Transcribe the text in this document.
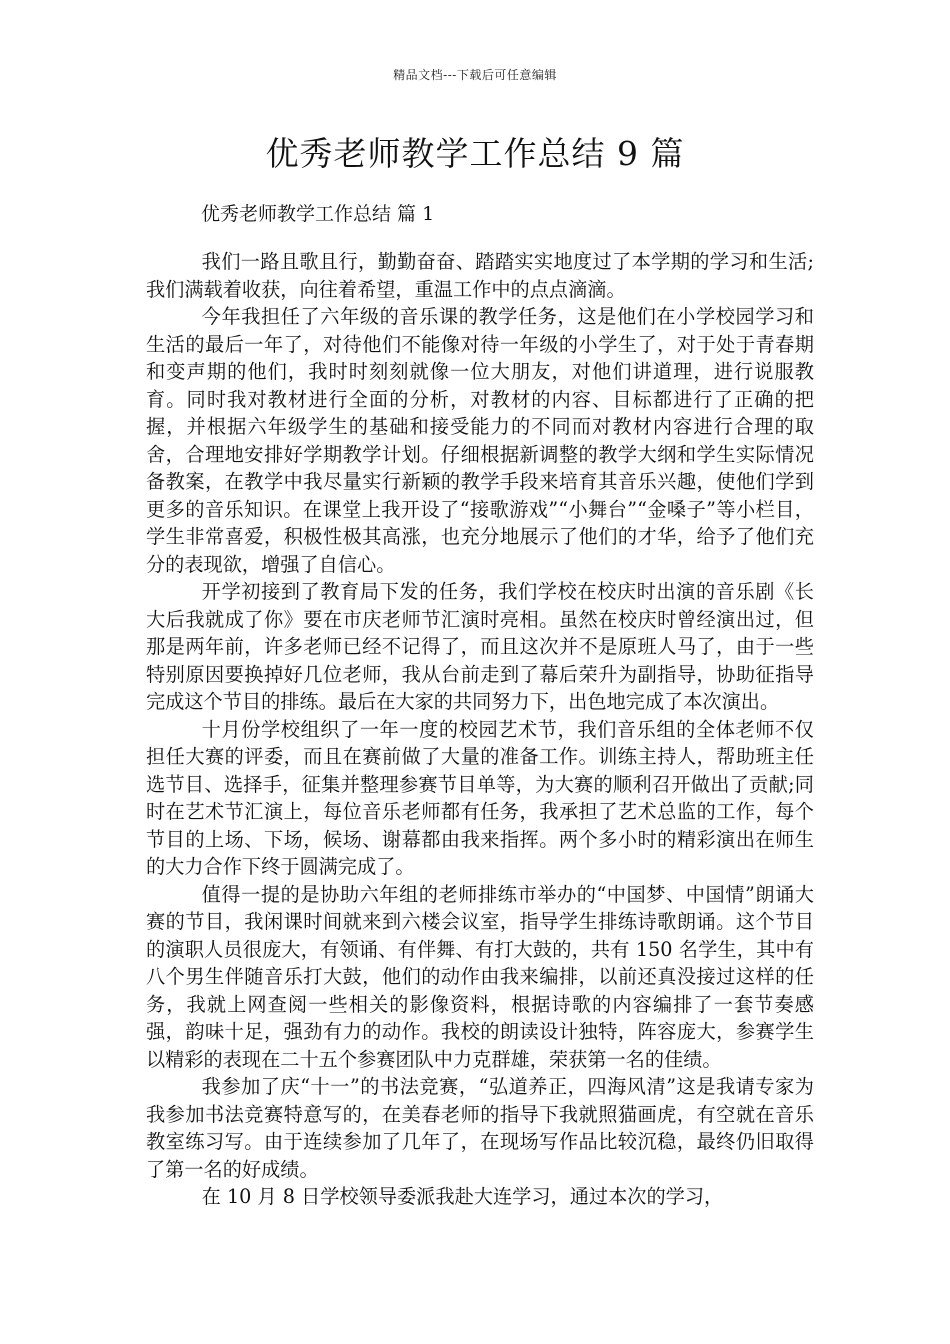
精品文档---下载后可任意编辑
优秀老师教学工作总结 9 篇
优秀老师教学工作总结 篇 1

我们一路且歌且行，勤勤奋奋、踏踏实实地度过了本学期的学习和生活;我们满载着收获，向往着希望，重温工作中的点点滴滴。

今年我担任了六年级的音乐课的教学任务，这是他们在小学校园学习和生活的最后一年了，对待他们不能像对待一年级的小学生了，对于处于青春期和变声期的他们，我时时刻刻就像一位大朋友，对他们讲道理，进行说服教育。同时我对教材进行全面的分析，对教材的内容、目标都进行了正确的把握，并根据六年级学生的基础和接受能力的不同而对教材内容进行合理的取舍，合理地安排好学期教学计划。仔细根据新调整的教学大纲和学生实际情况备教案，在教学中我尽量实行新颖的教学手段来培育其音乐兴趣，使他们学到更多的音乐知识。在课堂上我开设了“接歌游戏”“小舞台”“金嗓子”等小栏目，学生非常喜爱，积极性极其高涨，也充分地展示了他们的才华，给予了他们充分的表现欲，增强了自信心。

开学初接到了教育局下发的任务，我们学校在校庆时出演的音乐剧《长大后我就成了你》要在市庆老师节汇演时亮相。虽然在校庆时曾经演出过，但那是两年前，许多老师已经不记得了，而且这次并不是原班人马了，由于一些特别原因要换掉好几位老师，我从台前走到了幕后荣升为副指导，协助征指导完成这个节目的排练。最后在大家的共同努力下，出色地完成了本次演出。

十月份学校组织了一年一度的校园艺术节，我们音乐组的全体老师不仅担任大赛的评委，而且在赛前做了大量的准备工作。训练主持人，帮助班主任选节目、选择手，征集并整理参赛节目单等，为大赛的顺利召开做出了贡献;同时在艺术节汇演上，每位音乐老师都有任务，我承担了艺术总监的工作，每个节目的上场、下场，候场、谢幕都由我来指挥。两个多小时的精彩演出在师生的大力合作下终于圆满完成了。

值得一提的是协助六年组的老师排练市举办的“中国梦、中国情”朗诵大赛的节目，我闲课时间就来到六楼会议室，指导学生排练诗歌朗诵。这个节目的演职人员很庞大，有领诵、有伴舞、有打大鼓的，共有 150 名学生，其中有八个男生伴随音乐打大鼓，他们的动作由我来编排，以前还真没接过这样的任务，我就上网查阅一些相关的影像资料，根据诗歌的内容编排了一套节奏感强，韵味十足，强劲有力的动作。我校的朗读设计独特，阵容庞大，参赛学生以精彩的表现在二十五个参赛团队中力克群雄，荣获第一名的佳绩。

我参加了庆“十一”的书法竞赛，“弘道养正，四海风清”这是我请专家为我参加书法竞赛特意写的，在美春老师的指导下我就照猫画虎，有空就在音乐教室练习写。由于连续参加了几年了，在现场写作品比较沉稳，最终仍旧取得了第一名的好成绩。

在 10 月 8 日学校领导委派我赴大连学习，通过本次的学习，
